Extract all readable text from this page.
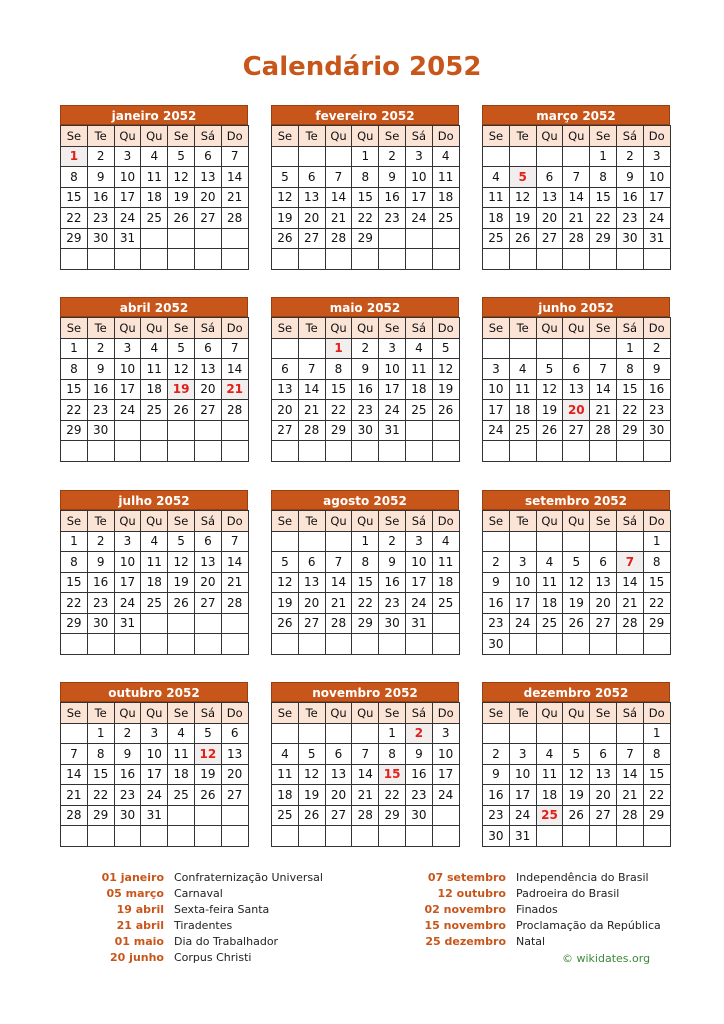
Calendário 2052
janeiro 2052
Se	Te	Qu	Qu	Se	Sá	Do
1	2	3	4	5	6	7
8	9	10	11	12	13	14
15	16	17	18	19	20	21
22	23	24	25	26	27	28
29	30	31				

fevereiro 2052
Se	Te	Qu	Qu	Se	Sá	Do
			1	2	3	4
5	6	7	8	9	10	11
12	13	14	15	16	17	18
19	20	21	22	23	24	25
26	27	28	29			

março 2052
Se	Te	Qu	Qu	Se	Sá	Do
				1	2	3
4	5	6	7	8	9	10
11	12	13	14	15	16	17
18	19	20	21	22	23	24
25	26	27	28	29	30	31

abril 2052
Se	Te	Qu	Qu	Se	Sá	Do
1	2	3	4	5	6	7
8	9	10	11	12	13	14
15	16	17	18	19	20	21
22	23	24	25	26	27	28
29	30					

maio 2052
Se	Te	Qu	Qu	Se	Sá	Do
		1	2	3	4	5
6	7	8	9	10	11	12
13	14	15	16	17	18	19
20	21	22	23	24	25	26
27	28	29	30	31		

junho 2052
Se	Te	Qu	Qu	Se	Sá	Do
					1	2
3	4	5	6	7	8	9
10	11	12	13	14	15	16
17	18	19	20	21	22	23
24	25	26	27	28	29	30

julho 2052
Se	Te	Qu	Qu	Se	Sá	Do
1	2	3	4	5	6	7
8	9	10	11	12	13	14
15	16	17	18	19	20	21
22	23	24	25	26	27	28
29	30	31				

agosto 2052
Se	Te	Qu	Qu	Se	Sá	Do
			1	2	3	4
5	6	7	8	9	10	11
12	13	14	15	16	17	18
19	20	21	22	23	24	25
26	27	28	29	30	31	

setembro 2052
Se	Te	Qu	Qu	Se	Sá	Do
						1
2	3	4	5	6	7	8
9	10	11	12	13	14	15
16	17	18	19	20	21	22
23	24	25	26	27	28	29
30						
outubro 2052
Se	Te	Qu	Qu	Se	Sá	Do
	1	2	3	4	5	6
7	8	9	10	11	12	13
14	15	16	17	18	19	20
21	22	23	24	25	26	27
28	29	30	31			

novembro 2052
Se	Te	Qu	Qu	Se	Sá	Do
				1	2	3
4	5	6	7	8	9	10
11	12	13	14	15	16	17
18	19	20	21	22	23	24
25	26	27	28	29	30	

dezembro 2052
Se	Te	Qu	Qu	Se	Sá	Do
						1
2	3	4	5	6	7	8
9	10	11	12	13	14	15
16	17	18	19	20	21	22
23	24	25	26	27	28	29
30	31					
01 janeiro Confraternização Universal
05 março Carnaval
19 abril Sexta-feira Santa
21 abril Tiradentes
01 maio Dia do Trabalhador
20 junho Corpus Christi
07 setembro Independência do Brasil
12 outubro Padroeira do Brasil
02 novembro Finados
15 novembro Proclamação da República
25 dezembro Natal
© wikidates.org
